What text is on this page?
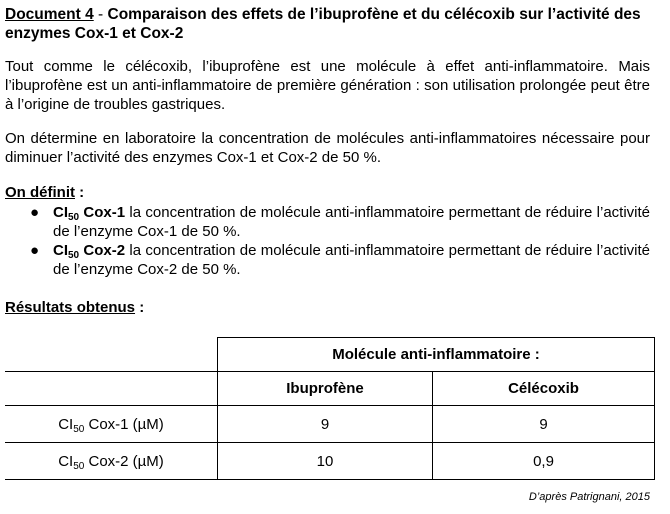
Document 4 - Comparaison des effets de l’ibuprofène et du célécoxib sur l’activité des enzymes Cox-1 et Cox-2
Tout comme le célécoxib, l’ibuprofène est une molécule à effet anti-inflammatoire. Mais l’ibuprofène est un anti-inflammatoire de première génération : son utilisation prolongée peut être à l’origine de troubles gastriques.
On détermine en laboratoire la concentration de molécules anti-inflammatoires nécessaire pour diminuer l’activité des enzymes Cox-1 et Cox-2 de 50 %.
On définit :
● $CI_{50}$ Cox-1 la concentration de molécule anti-inflammatoire permettant de réduire l’activité de l’enzyme Cox-1 de 50 %.
● $CI_{50}$ Cox-2 la concentration de molécule anti-inflammatoire permettant de réduire l’activité de l’enzyme Cox-2 de 50 %.
Résultats obtenus :
	Molécule anti-inflammatoire :	
	Ibuprofène	Célécoxib
$CI_{50}$ Cox-1 (µM)	9	9
$CI_{50}$ Cox-2 (µM)	10	0,9
D’après Patrignani, 2015
